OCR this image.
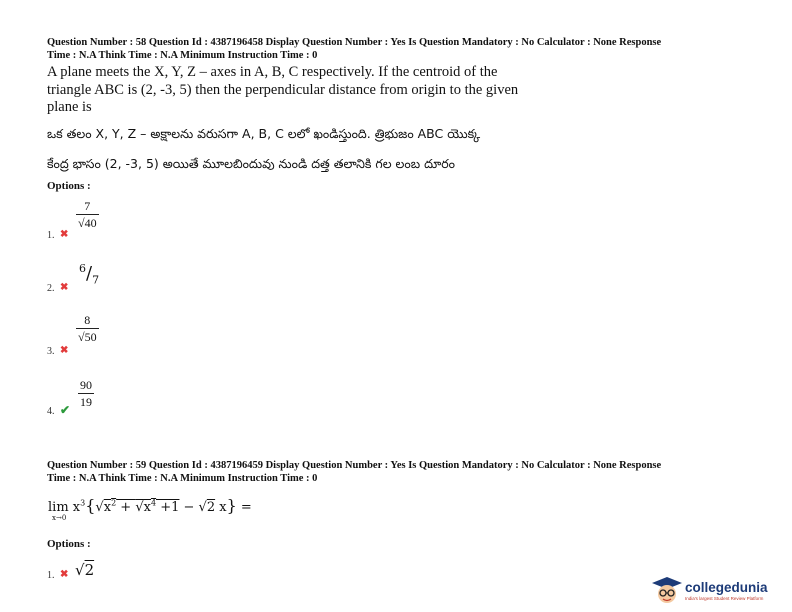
Question Number : 58 Question Id : 4387196458 Display Question Number : Yes Is Question Mandatory : No Calculator : None Response
Time : N.A Think Time : N.A Minimum Instruction Time : 0
A plane meets the X, Y, Z – axes in A, B, C respectively. If the centroid of the
triangle ABC is (2, -3, 5) then the perpendicular distance from origin to the given
plane is
ఒక తలం X, Y, Z – అక్షాలను వరుసగా A, B, C లలో ఖండిస్తుంది. త్రిభుజం ABC యొక్క
కేంద్ర భాసం (2, -3, 5) అయితే మూలబిందువు నుండి దత్త తలానికి గల లంబ దూరం
Options :
1. ✖
$\frac{7}{√40}$
2. ✖
$^6/_7$
3. ✖
$\frac{8}{√50}$
4. ✔ $\frac{90}{19}$
Question Number : 59 Question Id : 4387196459 Display Question Number : Yes Is Question Mandatory : No Calculator : None Response
Time : N.A Think Time : N.A Minimum Instruction Time : 0
$\lim x^3\{√x^2 + √x^4 +1 - √2$ x} =
x→0
Options :
1. ✖ √2
collegedunia
India's largest Student Review Platform
